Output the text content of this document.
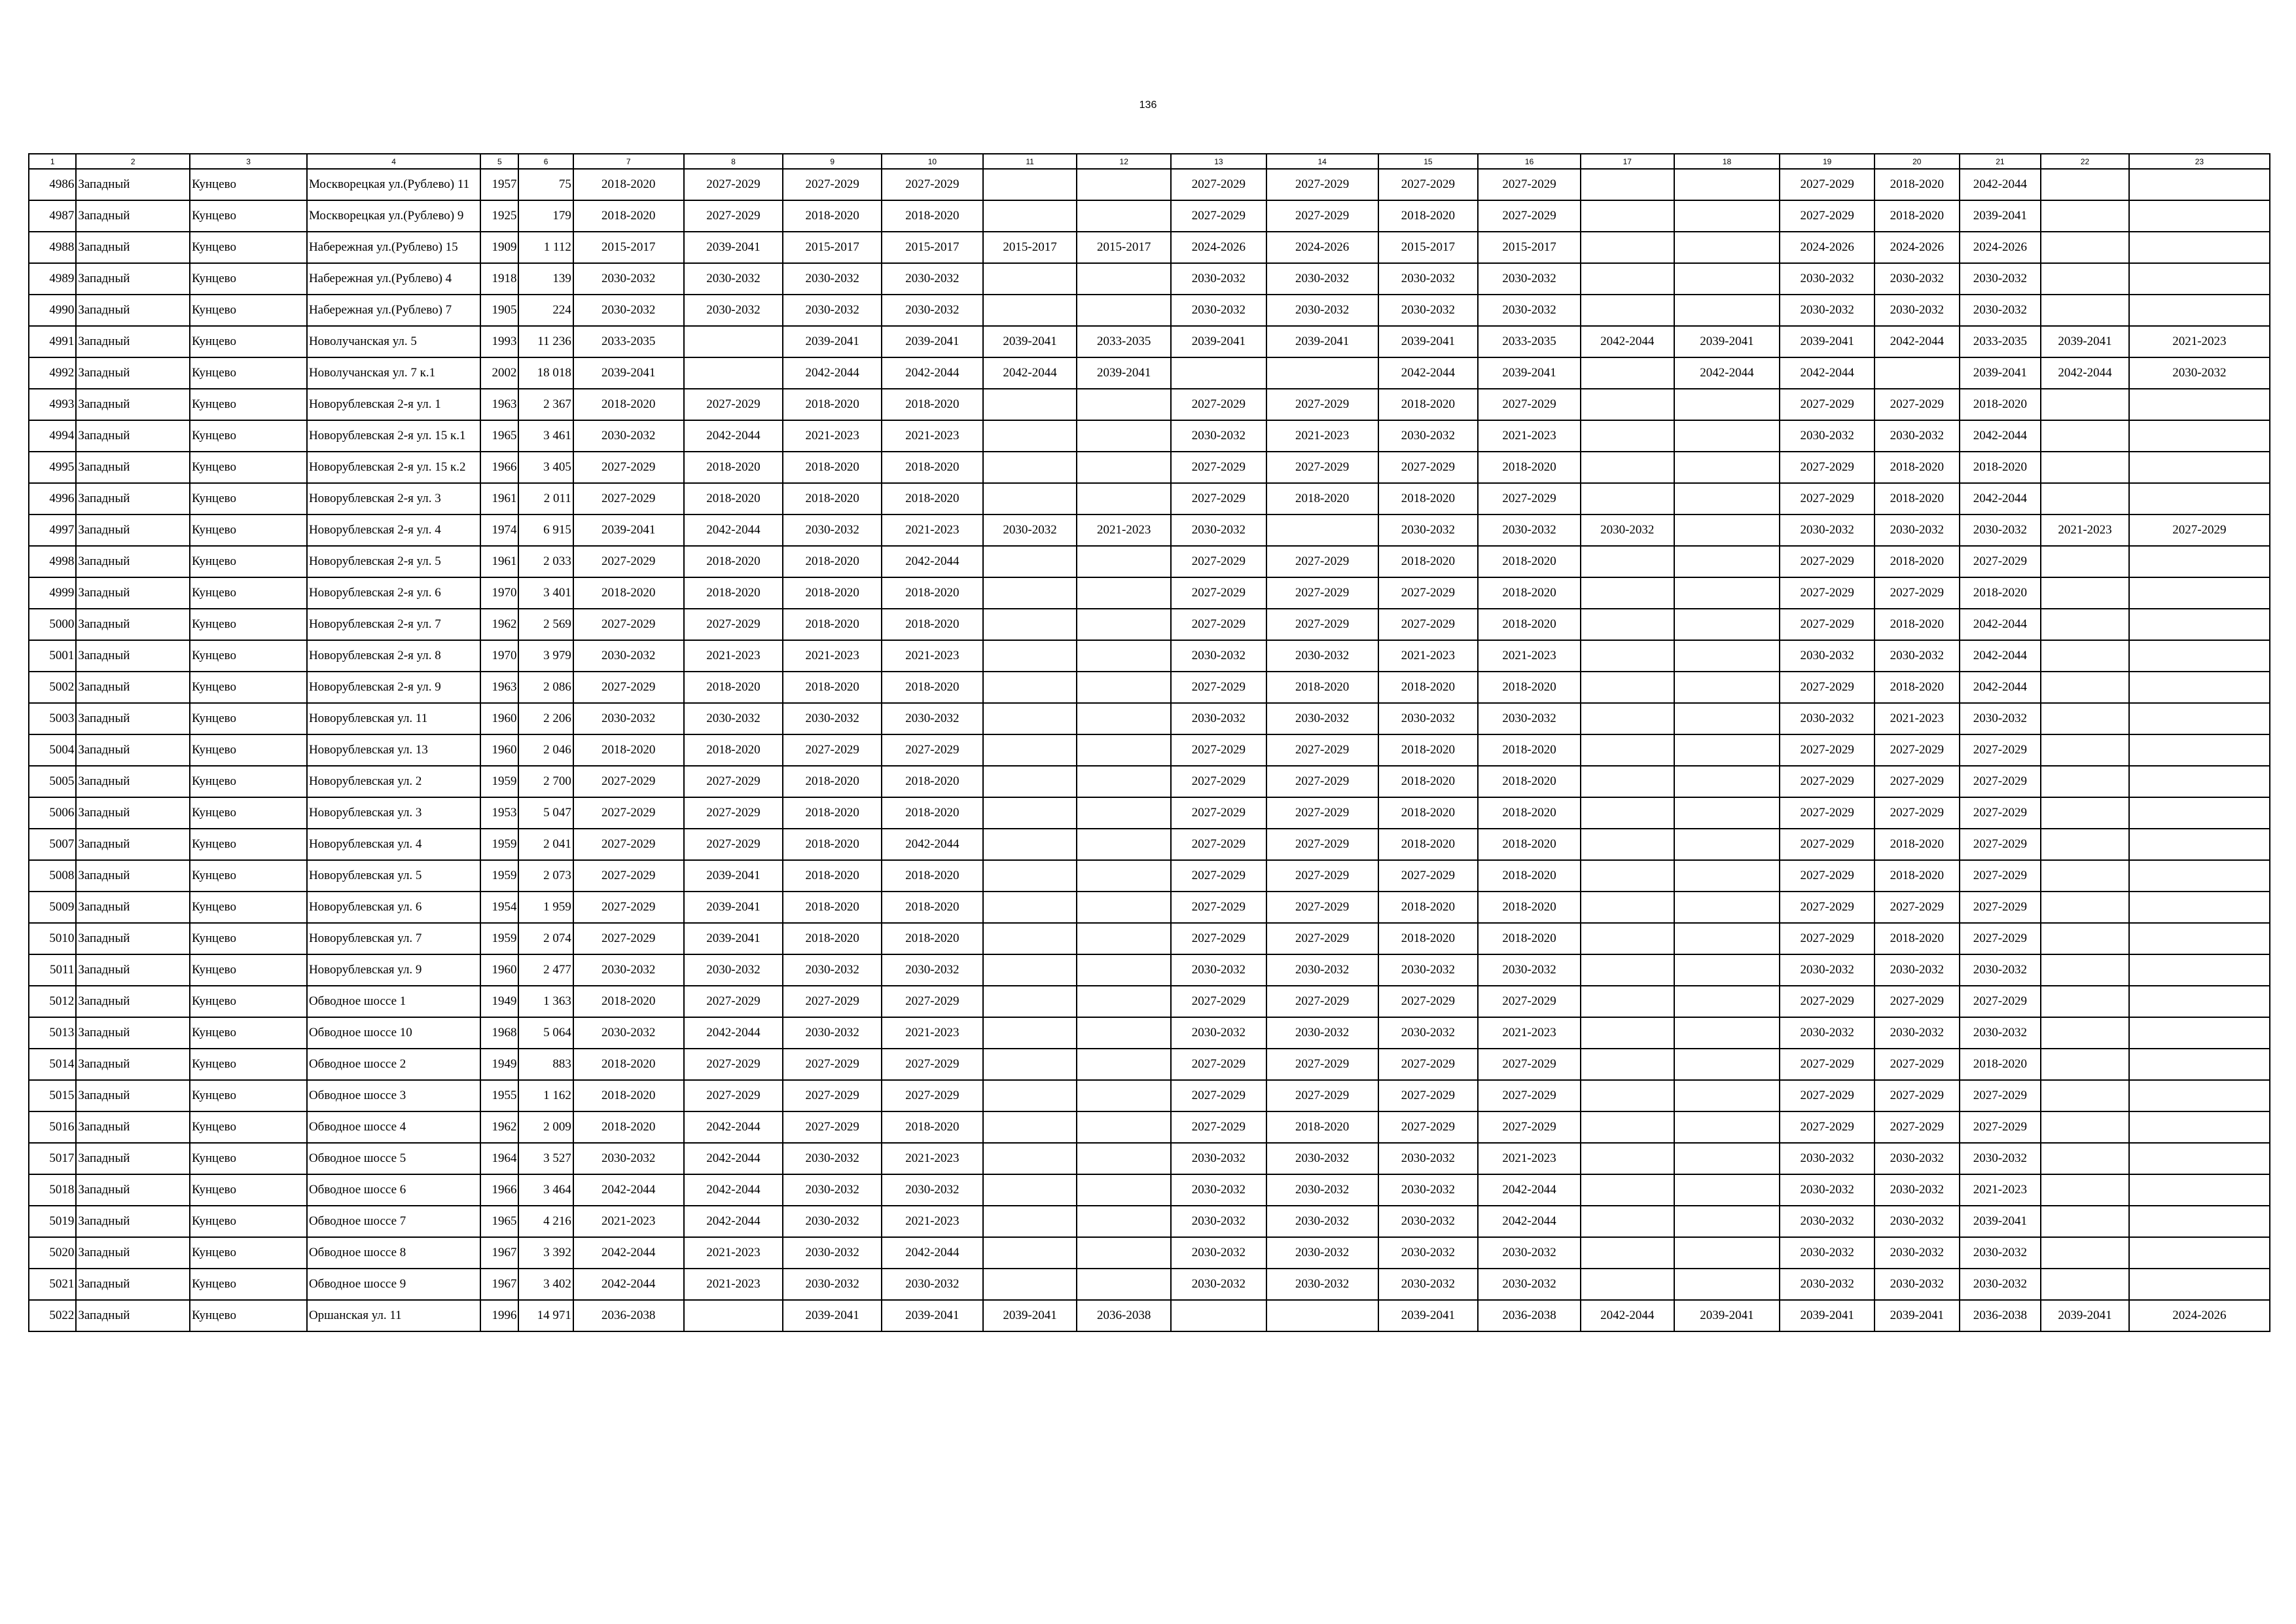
136
1	2	3	4	5	6	7	8	9	10	11	12	13	14	15	16	17	18	19	20	21	22	23
4986	Западный	Кунцево	Москворецкая ул.(Рублево) 11	1957	75	2018-2020	2027-2029	2027-2029	2027-2029			2027-2029	2027-2029	2027-2029	2027-2029			2027-2029	2018-2020	2042-2044		
4987	Западный	Кунцево	Москворецкая ул.(Рублево) 9	1925	179	2018-2020	2027-2029	2018-2020	2018-2020			2027-2029	2027-2029	2018-2020	2027-2029			2027-2029	2018-2020	2039-2041		
4988	Западный	Кунцево	Набережная ул.(Рублево) 15	1909	1 112	2015-2017	2039-2041	2015-2017	2015-2017	2015-2017	2015-2017	2024-2026	2024-2026	2015-2017	2015-2017			2024-2026	2024-2026	2024-2026		
4989	Западный	Кунцево	Набережная ул.(Рублево) 4	1918	139	2030-2032	2030-2032	2030-2032	2030-2032			2030-2032	2030-2032	2030-2032	2030-2032			2030-2032	2030-2032	2030-2032		
4990	Западный	Кунцево	Набережная ул.(Рублево) 7	1905	224	2030-2032	2030-2032	2030-2032	2030-2032			2030-2032	2030-2032	2030-2032	2030-2032			2030-2032	2030-2032	2030-2032		
4991	Западный	Кунцево	Новолучанская ул. 5	1993	11 236	2033-2035		2039-2041	2039-2041	2039-2041	2033-2035	2039-2041	2039-2041	2039-2041	2033-2035	2042-2044	2039-2041	2039-2041	2042-2044	2033-2035	2039-2041	2021-2023
4992	Западный	Кунцево	Новолучанская ул. 7 к.1	2002	18 018	2039-2041		2042-2044	2042-2044	2042-2044	2039-2041			2042-2044	2039-2041		2042-2044	2042-2044		2039-2041	2042-2044	2030-2032
4993	Западный	Кунцево	Новорублевская 2-я ул. 1	1963	2 367	2018-2020	2027-2029	2018-2020	2018-2020			2027-2029	2027-2029	2018-2020	2027-2029			2027-2029	2027-2029	2018-2020		
4994	Западный	Кунцево	Новорублевская 2-я ул. 15 к.1	1965	3 461	2030-2032	2042-2044	2021-2023	2021-2023			2030-2032	2021-2023	2030-2032	2021-2023			2030-2032	2030-2032	2042-2044		
4995	Западный	Кунцево	Новорублевская 2-я ул. 15 к.2	1966	3 405	2027-2029	2018-2020	2018-2020	2018-2020			2027-2029	2027-2029	2027-2029	2018-2020			2027-2029	2018-2020	2018-2020		
4996	Западный	Кунцево	Новорублевская 2-я ул. 3	1961	2 011	2027-2029	2018-2020	2018-2020	2018-2020			2027-2029	2018-2020	2018-2020	2027-2029			2027-2029	2018-2020	2042-2044		
4997	Западный	Кунцево	Новорублевская 2-я ул. 4	1974	6 915	2039-2041	2042-2044	2030-2032	2021-2023	2030-2032	2021-2023	2030-2032		2030-2032	2030-2032	2030-2032		2030-2032	2030-2032	2030-2032	2021-2023	2027-2029
4998	Западный	Кунцево	Новорублевская 2-я ул. 5	1961	2 033	2027-2029	2018-2020	2018-2020	2042-2044			2027-2029	2027-2029	2018-2020	2018-2020			2027-2029	2018-2020	2027-2029		
4999	Западный	Кунцево	Новорублевская 2-я ул. 6	1970	3 401	2018-2020	2018-2020	2018-2020	2018-2020			2027-2029	2027-2029	2027-2029	2018-2020			2027-2029	2027-2029	2018-2020		
5000	Западный	Кунцево	Новорублевская 2-я ул. 7	1962	2 569	2027-2029	2027-2029	2018-2020	2018-2020			2027-2029	2027-2029	2027-2029	2018-2020			2027-2029	2018-2020	2042-2044		
5001	Западный	Кунцево	Новорублевская 2-я ул. 8	1970	3 979	2030-2032	2021-2023	2021-2023	2021-2023			2030-2032	2030-2032	2021-2023	2021-2023			2030-2032	2030-2032	2042-2044		
5002	Западный	Кунцево	Новорублевская 2-я ул. 9	1963	2 086	2027-2029	2018-2020	2018-2020	2018-2020			2027-2029	2018-2020	2018-2020	2018-2020			2027-2029	2018-2020	2042-2044		
5003	Западный	Кунцево	Новорублевская ул. 11	1960	2 206	2030-2032	2030-2032	2030-2032	2030-2032			2030-2032	2030-2032	2030-2032	2030-2032			2030-2032	2021-2023	2030-2032		
5004	Западный	Кунцево	Новорублевская ул. 13	1960	2 046	2018-2020	2018-2020	2027-2029	2027-2029			2027-2029	2027-2029	2018-2020	2018-2020			2027-2029	2027-2029	2027-2029		
5005	Западный	Кунцево	Новорублевская ул. 2	1959	2 700	2027-2029	2027-2029	2018-2020	2018-2020			2027-2029	2027-2029	2018-2020	2018-2020			2027-2029	2027-2029	2027-2029		
5006	Западный	Кунцево	Новорублевская ул. 3	1953	5 047	2027-2029	2027-2029	2018-2020	2018-2020			2027-2029	2027-2029	2018-2020	2018-2020			2027-2029	2027-2029	2027-2029		
5007	Западный	Кунцево	Новорублевская ул. 4	1959	2 041	2027-2029	2027-2029	2018-2020	2042-2044			2027-2029	2027-2029	2018-2020	2018-2020			2027-2029	2018-2020	2027-2029		
5008	Западный	Кунцево	Новорублевская ул. 5	1959	2 073	2027-2029	2039-2041	2018-2020	2018-2020			2027-2029	2027-2029	2027-2029	2018-2020			2027-2029	2018-2020	2027-2029		
5009	Западный	Кунцево	Новорублевская ул. 6	1954	1 959	2027-2029	2039-2041	2018-2020	2018-2020			2027-2029	2027-2029	2018-2020	2018-2020			2027-2029	2027-2029	2027-2029		
5010	Западный	Кунцево	Новорублевская ул. 7	1959	2 074	2027-2029	2039-2041	2018-2020	2018-2020			2027-2029	2027-2029	2018-2020	2018-2020			2027-2029	2018-2020	2027-2029		
5011	Западный	Кунцево	Новорублевская ул. 9	1960	2 477	2030-2032	2030-2032	2030-2032	2030-2032			2030-2032	2030-2032	2030-2032	2030-2032			2030-2032	2030-2032	2030-2032		
5012	Западный	Кунцево	Обводное шоссе 1	1949	1 363	2018-2020	2027-2029	2027-2029	2027-2029			2027-2029	2027-2029	2027-2029	2027-2029			2027-2029	2027-2029	2027-2029		
5013	Западный	Кунцево	Обводное шоссе 10	1968	5 064	2030-2032	2042-2044	2030-2032	2021-2023			2030-2032	2030-2032	2030-2032	2021-2023			2030-2032	2030-2032	2030-2032		
5014	Западный	Кунцево	Обводное шоссе 2	1949	883	2018-2020	2027-2029	2027-2029	2027-2029			2027-2029	2027-2029	2027-2029	2027-2029			2027-2029	2027-2029	2018-2020		
5015	Западный	Кунцево	Обводное шоссе 3	1955	1 162	2018-2020	2027-2029	2027-2029	2027-2029			2027-2029	2027-2029	2027-2029	2027-2029			2027-2029	2027-2029	2027-2029		
5016	Западный	Кунцево	Обводное шоссе 4	1962	2 009	2018-2020	2042-2044	2027-2029	2018-2020			2027-2029	2018-2020	2027-2029	2027-2029			2027-2029	2027-2029	2027-2029		
5017	Западный	Кунцево	Обводное шоссе 5	1964	3 527	2030-2032	2042-2044	2030-2032	2021-2023			2030-2032	2030-2032	2030-2032	2021-2023			2030-2032	2030-2032	2030-2032		
5018	Западный	Кунцево	Обводное шоссе 6	1966	3 464	2042-2044	2042-2044	2030-2032	2030-2032			2030-2032	2030-2032	2030-2032	2042-2044			2030-2032	2030-2032	2021-2023		
5019	Западный	Кунцево	Обводное шоссе 7	1965	4 216	2021-2023	2042-2044	2030-2032	2021-2023			2030-2032	2030-2032	2030-2032	2042-2044			2030-2032	2030-2032	2039-2041		
5020	Западный	Кунцево	Обводное шоссе 8	1967	3 392	2042-2044	2021-2023	2030-2032	2042-2044			2030-2032	2030-2032	2030-2032	2030-2032			2030-2032	2030-2032	2030-2032		
5021	Западный	Кунцево	Обводное шоссе 9	1967	3 402	2042-2044	2021-2023	2030-2032	2030-2032			2030-2032	2030-2032	2030-2032	2030-2032			2030-2032	2030-2032	2030-2032		
5022	Западный	Кунцево	Оршанская ул. 11	1996	14 971	2036-2038		2039-2041	2039-2041	2039-2041	2036-2038			2039-2041	2036-2038	2042-2044	2039-2041	2039-2041	2039-2041	2036-2038	2039-2041	2024-2026
